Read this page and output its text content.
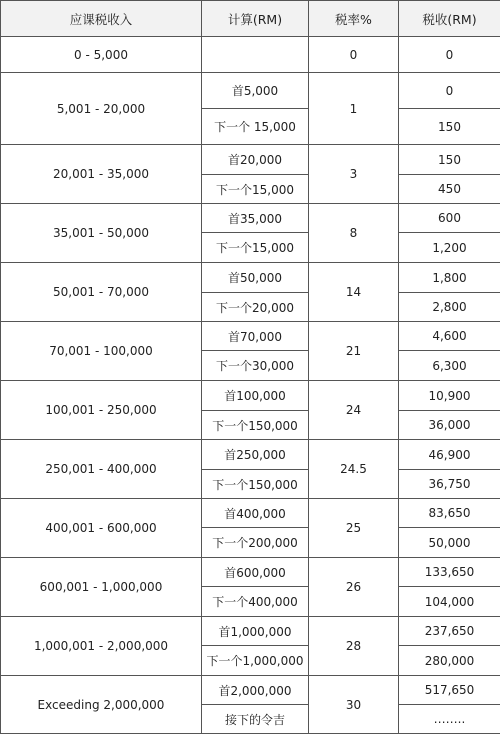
应课税收入	计算(RM)	税率%	税收(RM)
0 - 5,000		0	0
5,001 - 20,000	首5,000	1	0
	下一个 15,000		150
20,001 - 35,000	首20,000	3	150
	下一个15,000		450
35,001 - 50,000	首35,000	8	600
	下一个15,000		1,200
50,001 - 70,000	首50,000	14	1,800
	下一个20,000		2,800
70,001 - 100,000	首70,000	21	4,600
	下一个30,000		6,300
100,001 - 250,000	首100,000	24	10,900
	下一个150,000		36,000
250,001 - 400,000	首250,000	24.5	46,900
	下一个150,000		36,750
400,001 - 600,000	首400,000	25	83,650
	下一个200,000		50,000
600,001 - 1,000,000	首600,000	26	133,650
	下一个400,000		104,000
1,000,001 - 2,000,000	首1,000,000	28	237,650
	下一个1,000,000		280,000
Exceeding 2,000,000	首2,000,000	30	517,650
	接下的令吉		……..
